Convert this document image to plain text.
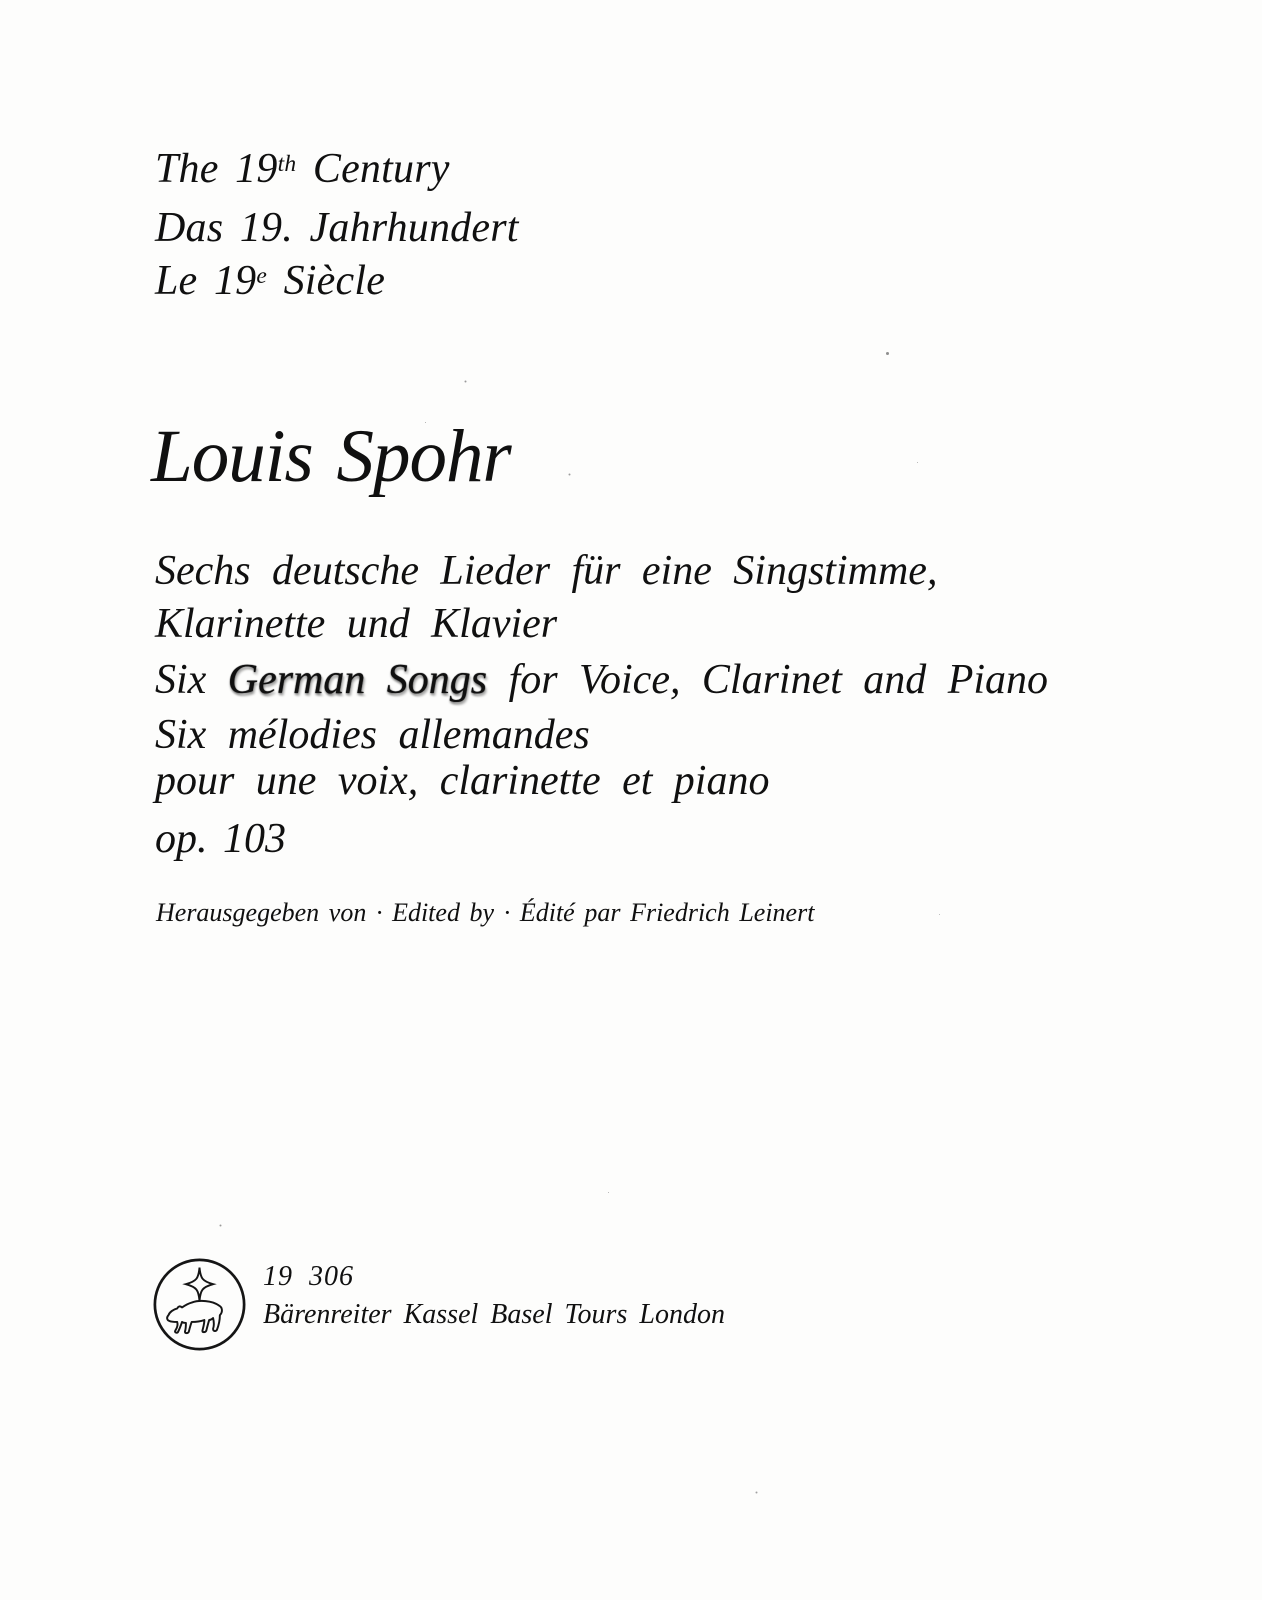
The 19th Century
Das 19. Jahrhundert
Le 19e Siècle
Louis Spohr
Sechs deutsche Lieder für eine Singstimme,
Klarinette und Klavier
Six German Songs for Voice, Clarinet and Piano
Six mélodies allemandes
pour une voix, clarinette et piano
op. 103
Herausgegeben von · Edited by · Édité par Friedrich Leinert
19  306
Bärenreiter Kassel Basel Tours London
